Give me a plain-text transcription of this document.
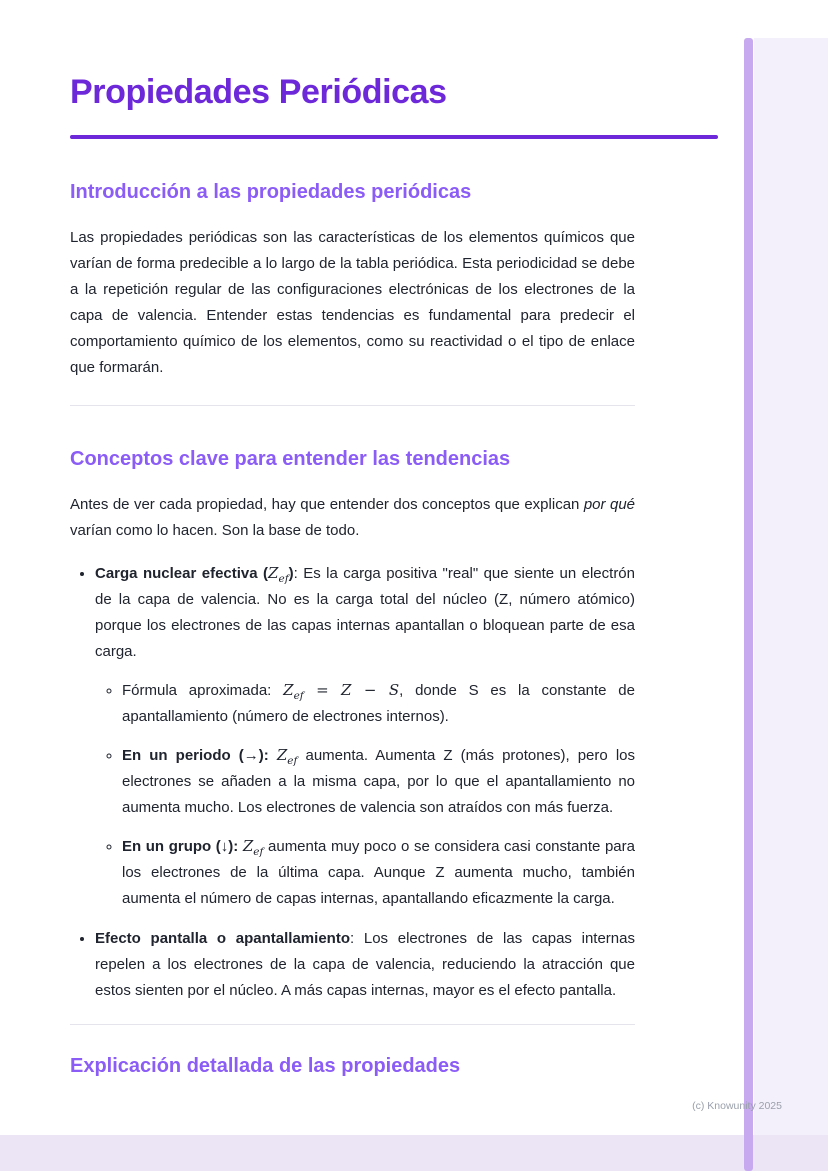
Propiedades Periódicas
Introducción a las propiedades periódicas

Las propiedades periódicas son las características de los elementos químicos que varían de forma predecible a lo largo de la tabla periódica. Esta periodicidad se debe a la repetición regular de las configuraciones electrónicas de los electrones de la capa de valencia. Entender estas tendencias es fundamental para predecir el comportamiento químico de los elementos, como su reactividad o el tipo de enlace que formarán.

Conceptos clave para entender las tendencias

Antes de ver cada propiedad, hay que entender dos conceptos que explican por qué varían como lo hacen. Son la base de todo.

• Carga nuclear efectiva $(Z_{ef})$: Es la carga positiva "real" que siente un electrón de la capa de valencia. No es la carga total del núcleo (Z, número atómico) porque los electrones de las capas internas apantallan o bloquean parte de esa carga.
◦ Fórmula aproximada: $Z_{ef} = Z - S$, donde S es la constante de apantallamiento (número de electrones internos).
◦ En un periodo (→): $Z_{ef}$ aumenta. Aumenta Z (más protones), pero los electrones se añaden a la misma capa, por lo que el apantallamiento no aumenta mucho. Los electrones de valencia son atraídos con más fuerza.
◦ En un grupo (↓): $Z_{ef}$ aumenta muy poco o se considera casi constante para los electrones de la última capa. Aunque Z aumenta mucho, también aumenta el número de capas internas, apantallando eficazmente la carga.
• Efecto pantalla o apantallamiento: Los electrones de las capas internas repelen a los electrones de la capa de valencia, reduciendo la atracción que estos sienten por el núcleo. A más capas internas, mayor es el efecto pantalla.
Explicación detallada de las propiedades
(c) Knowunity 2025
